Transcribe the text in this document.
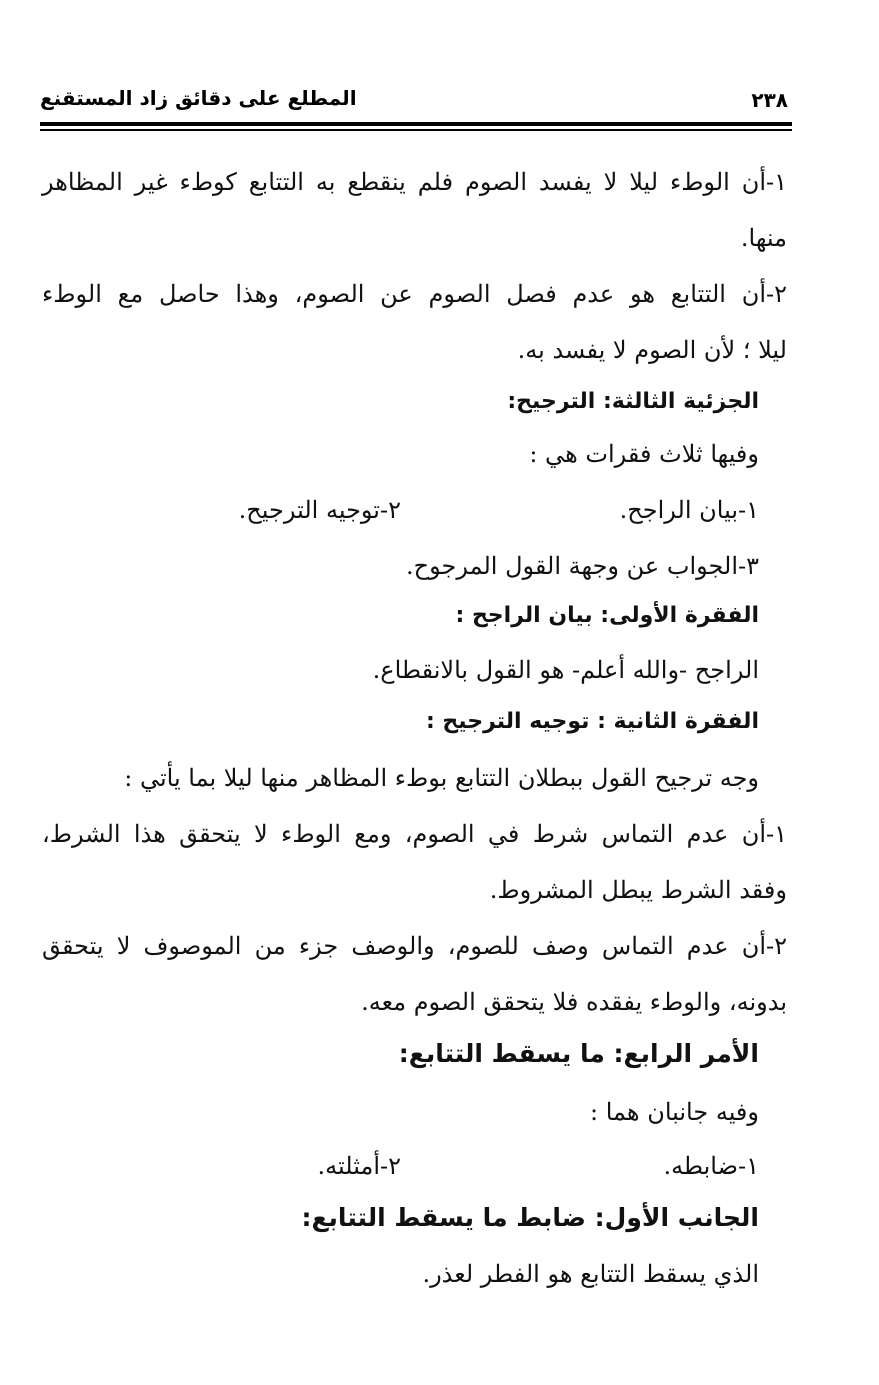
٢٣٨
المطلع على دقائق زاد المستقنع
١-أن الوطء ليلا لا يفسد الصوم فلم ينقطع به التتابع كوطء غير المظاهر
منها.
٢-أن التتابع هو عدم فصل الصوم عن الصوم، وهذا حاصل مع الوطء
ليلا ؛ لأن الصوم لا يفسد به.
الجزئية الثالثة: الترجيح:
وفيها ثلاث فقرات هي :
١-بيان الراجح.
٢-توجيه الترجيح.
٣-الجواب عن وجهة القول المرجوح.
الفقرة الأولى: بيان الراجح :
الراجح -والله أعلم- هو القول بالانقطاع.
الفقرة الثانية : توجيه الترجيح :
وجه ترجيح القول ببطلان التتابع بوطء المظاهر منها ليلا بما يأتي :
١-أن عدم التماس شرط في الصوم، ومع الوطء لا يتحقق هذا الشرط،
وفقد الشرط يبطل المشروط.
٢-أن عدم التماس وصف للصوم، والوصف جزء من الموصوف لا يتحقق
بدونه، والوطء يفقده فلا يتحقق الصوم معه.
الأمر الرابع: ما يسقط التتابع:
وفيه جانبان هما :
١-ضابطه.
٢-أمثلته.
الجانب الأول: ضابط ما يسقط التتابع:
الذي يسقط التتابع هو الفطر لعذر.
